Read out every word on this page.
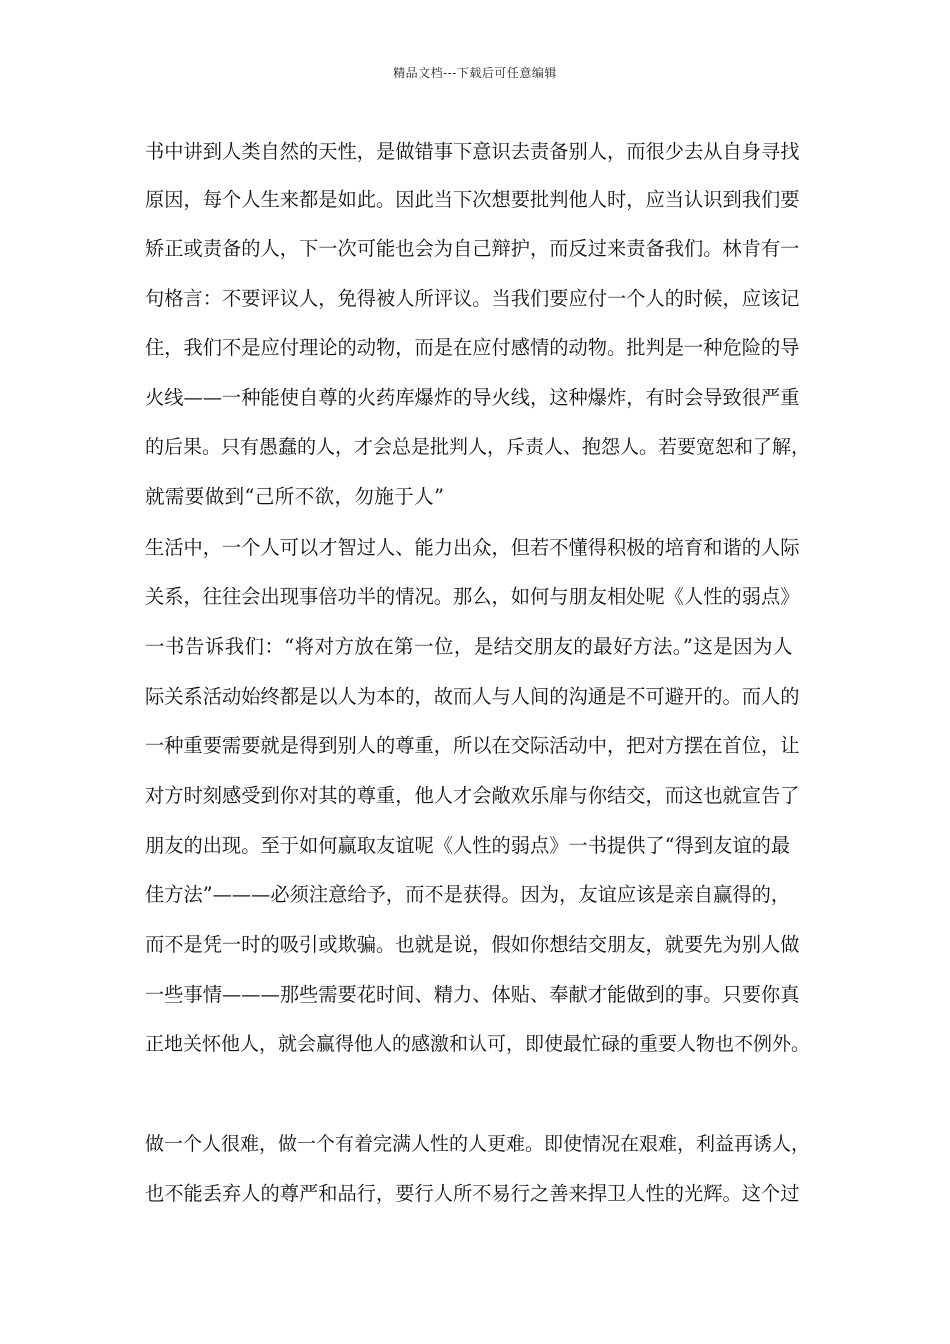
精品文档---下载后可任意编辑
书中讲到人类自然的天性，是做错事下意识去责备别人，而很少去从自身寻找
原因，每个人生来都是如此。因此当下次想要批判他人时，应当认识到我们要
矫正或责备的人，下一次可能也会为自己辩护，而反过来责备我们。林肯有一
句格言：不要评议人，免得被人所评议。当我们要应付一个人的时候，应该记
住，我们不是应付理论的动物，而是在应付感情的动物。批判是一种危险的导
火线——一种能使自尊的火药库爆炸的导火线，这种爆炸，有时会导致很严重
的后果。只有愚蠢的人，才会总是批判人，斥责人、抱怨人。若要宽恕和了解，
就需要做到“己所不欲，勿施于人”
生活中，一个人可以才智过人、能力出众，但若不懂得积极的培育和谐的人际
关系，往往会出现事倍功半的情况。那么，如何与朋友相处呢《人性的弱点》
一书告诉我们：“将对方放在第一位，是结交朋友的最好方法。”这是因为人
际关系活动始终都是以人为本的，故而人与人间的沟通是不可避开的。而人的
一种重要需要就是得到别人的尊重，所以在交际活动中，把对方摆在首位，让
对方时刻感受到你对其的尊重，他人才会敞欢乐扉与你结交，而这也就宣告了
朋友的出现。至于如何赢取友谊呢《人性的弱点》一书提供了“得到友谊的最
佳方法”———必须注意给予，而不是获得。因为，友谊应该是亲自赢得的，
而不是凭一时的吸引或欺骗。也就是说，假如你想结交朋友，就要先为别人做
一些事情———那些需要花时间、精力、体贴、奉献才能做到的事。只要你真
正地关怀他人，就会赢得他人的感激和认可，即使最忙碌的重要人物也不例外。
做一个人很难，做一个有着完满人性的人更难。即使情况在艰难，利益再诱人，
也不能丢弃人的尊严和品行，要行人所不易行之善来捍卫人性的光辉。这个过
